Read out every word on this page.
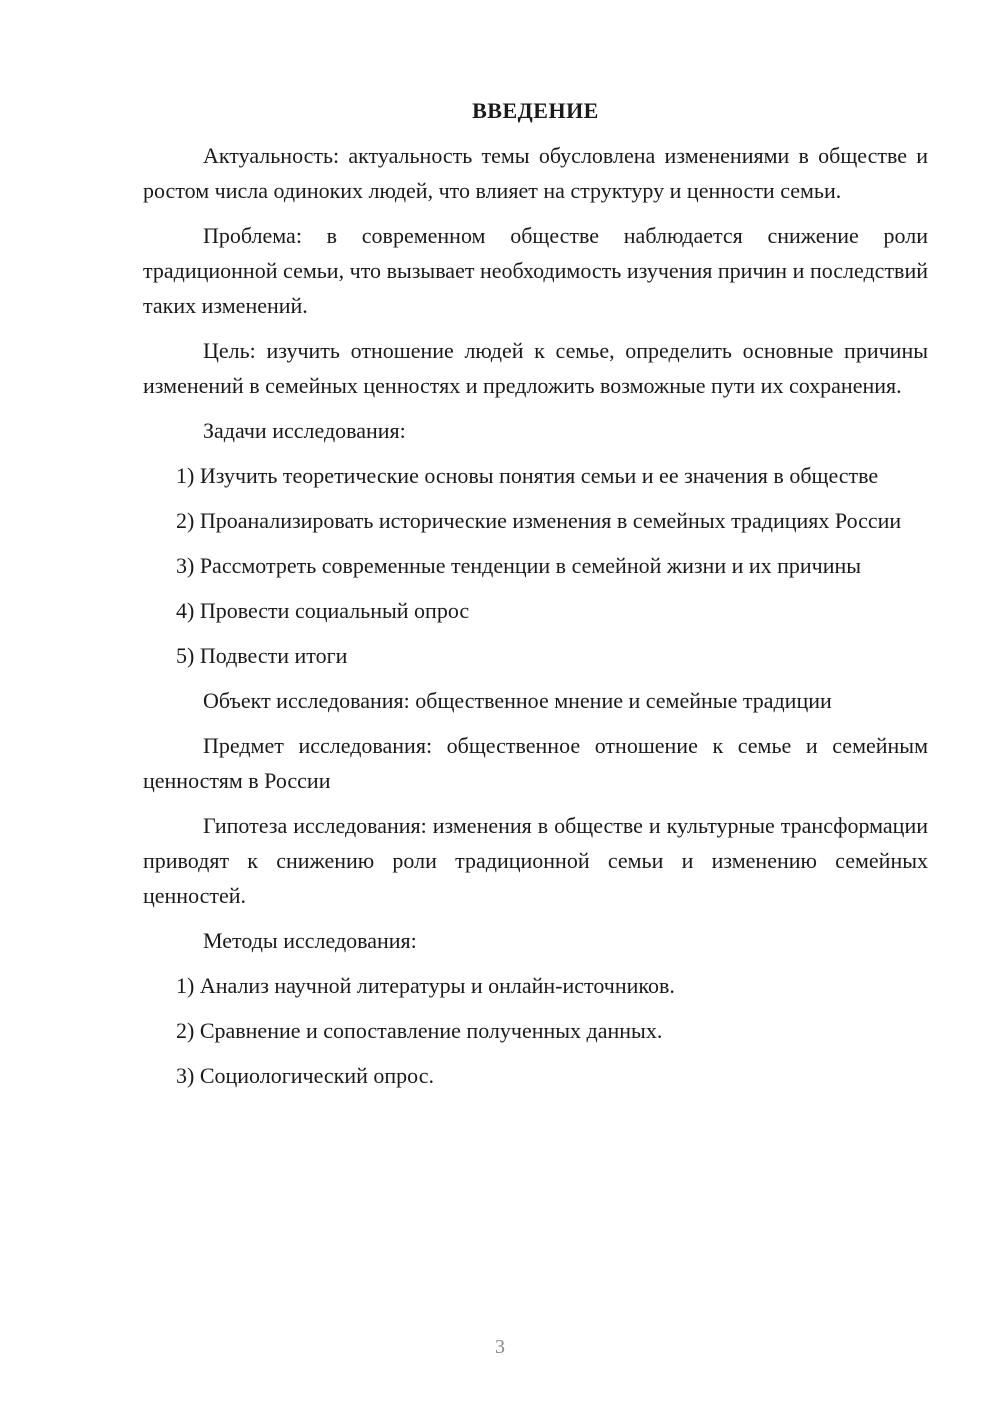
ВВЕДЕНИЕ
Актуальность: актуальность темы обусловлена изменениями в обществе и ростом числа одиноких людей, что влияет на структуру и ценности семьи.
Проблема: в современном обществе наблюдается снижение роли традиционной семьи, что вызывает необходимость изучения причин и последствий таких изменений.
Цель: изучить отношение людей к семье, определить основные причины изменений в семейных ценностях и предложить возможные пути их сохранения.
Задачи исследования:
1) Изучить теоретические основы понятия семьи и ее значения в обществе
2) Проанализировать исторические изменения в семейных традициях России
3) Рассмотреть современные тенденции в семейной жизни и их причины
4) Провести социальный опрос
5) Подвести итоги
Объект исследования: общественное мнение и семейные традиции
Предмет исследования: общественное отношение к семье и семейным ценностям в России
Гипотеза исследования: изменения в обществе и культурные трансформации приводят к снижению роли традиционной семьи и изменению семейных ценностей.
Методы исследования:
1) Анализ научной литературы и онлайн-источников.
2) Сравнение и сопоставление полученных данных.
3) Социологический опрос.
3
